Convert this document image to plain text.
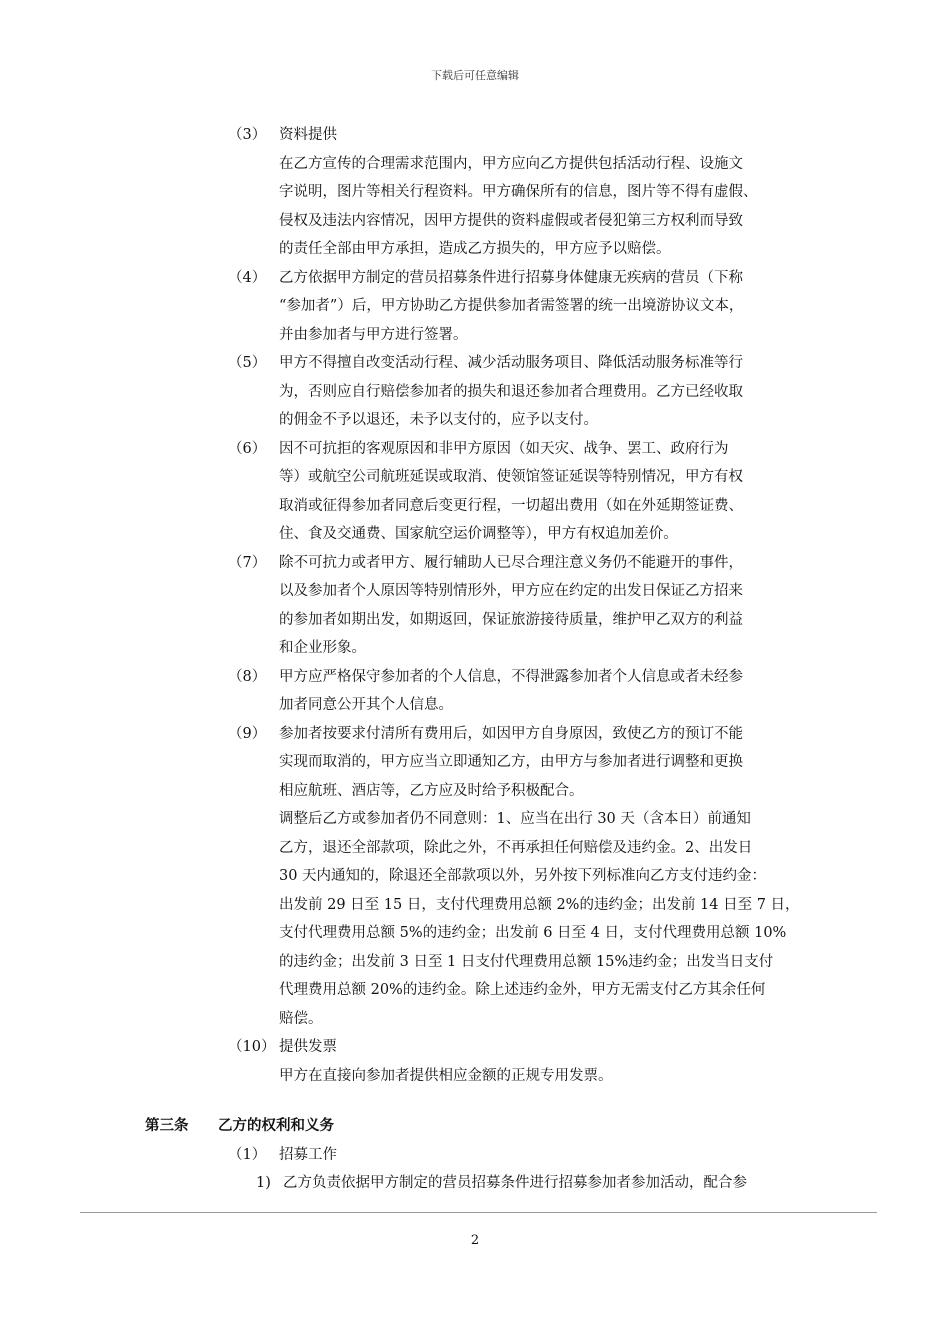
下载后可任意编辑
（3） 资料提供
在乙方宣传的合理需求范围内，甲方应向乙方提供包括活动行程、设施文
字说明，图片等相关行程资料。甲方确保所有的信息，图片等不得有虚假、
侵权及违法内容情况，因甲方提供的资料虚假或者侵犯第三方权利而导致
的责任全部由甲方承担，造成乙方损失的，甲方应予以赔偿。
（4） 乙方依据甲方制定的营员招募条件进行招募身体健康无疾病的营员（下称
“参加者”）后，甲方协助乙方提供参加者需签署的统一出境游协议文本，
并由参加者与甲方进行签署。
（5） 甲方不得擅自改变活动行程、减少活动服务项目、降低活动服务标准等行
为，否则应自行赔偿参加者的损失和退还参加者合理费用。乙方已经收取
的佣金不予以退还，未予以支付的，应予以支付。
（6） 因不可抗拒的客观原因和非甲方原因（如天灾、战争、罢工、政府行为
等）或航空公司航班延误或取消、使领馆签证延误等特别情况，甲方有权
取消或征得参加者同意后变更行程，一切超出费用（如在外延期签证费、
住、食及交通费、国家航空运价调整等），甲方有权追加差价。
（7） 除不可抗力或者甲方、履行辅助人已尽合理注意义务仍不能避开的事件，
以及参加者个人原因等特别情形外，甲方应在约定的出发日保证乙方招来
的参加者如期出发，如期返回，保证旅游接待质量，维护甲乙双方的利益
和企业形象。
（8） 甲方应严格保守参加者的个人信息，不得泄露参加者个人信息或者未经参
加者同意公开其个人信息。
（9） 参加者按要求付清所有费用后，如因甲方自身原因，致使乙方的预订不能
实现而取消的，甲方应当立即通知乙方，由甲方与参加者进行调整和更换
相应航班、酒店等，乙方应及时给予积极配合。
调整后乙方或参加者仍不同意则：1、应当在出行 30 天（含本日）前通知
乙方，退还全部款项，除此之外，不再承担任何赔偿及违约金。2、出发日
30 天内通知的，除退还全部款项以外，另外按下列标准向乙方支付违约金：
出发前 29 日至 15 日，支付代理费用总额 2%的违约金；出发前 14 日至 7 日，
支付代理费用总额 5%的违约金；出发前 6 日至 4 日，支付代理费用总额 10%
的违约金；出发前 3 日至 1 日支付代理费用总额 15%违约金；出发当日支付
代理费用总额 20%的违约金。除上述违约金外，甲方无需支付乙方其余任何
赔偿。
（10） 提供发票
甲方在直接向参加者提供相应金额的正规专用发票。
第三条 乙方的权利和义务
（1） 招募工作
1) 乙方负责依据甲方制定的营员招募条件进行招募参加者参加活动，配合参
2
